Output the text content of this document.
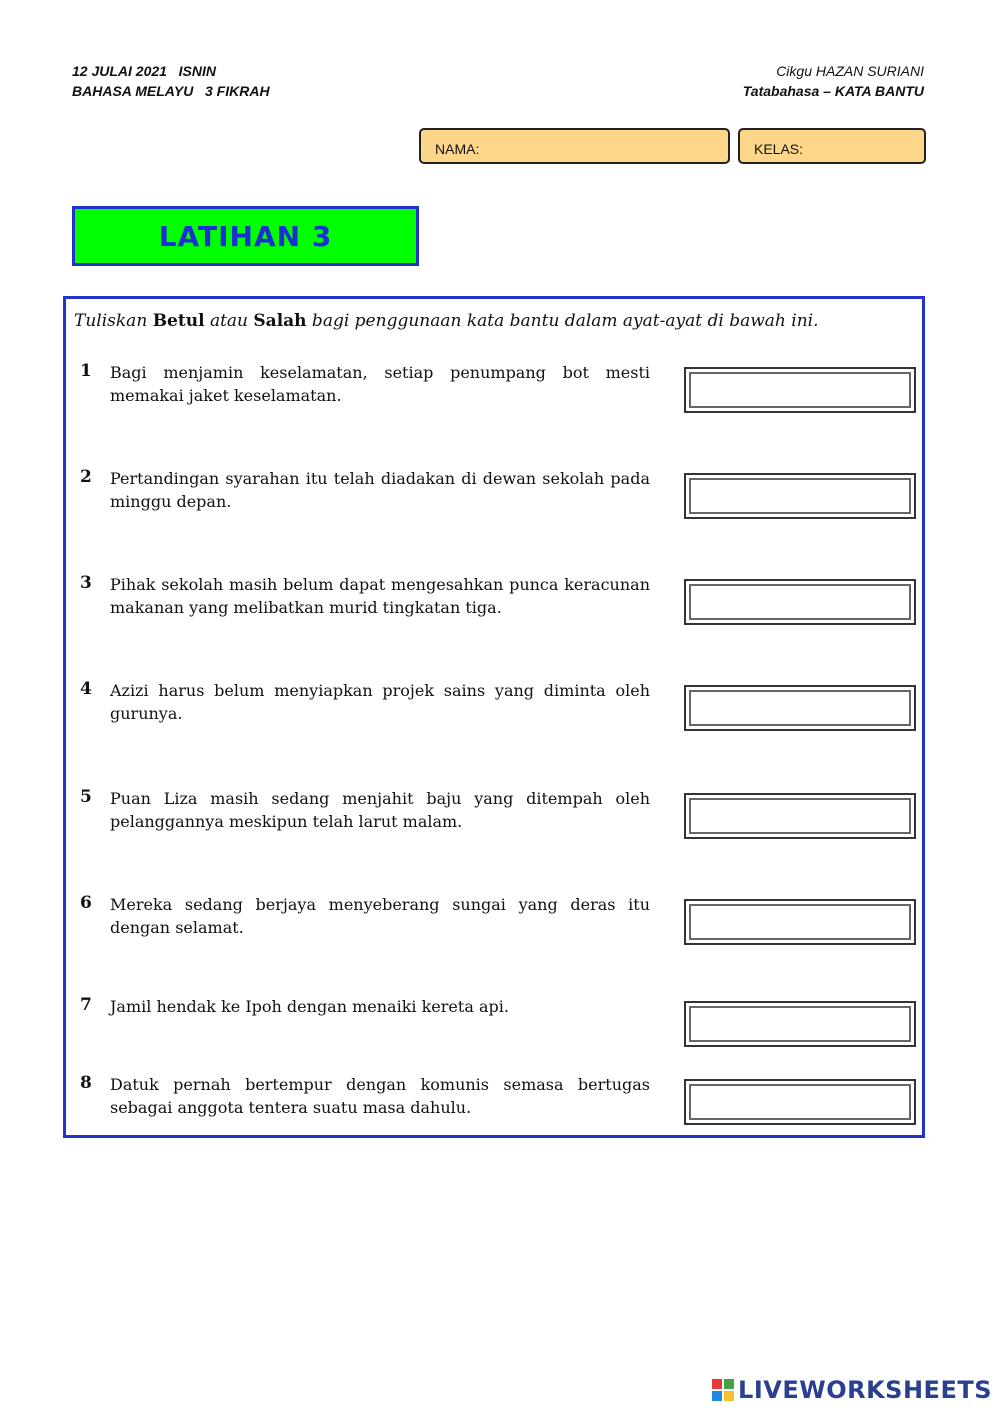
12 JULAI 2021   ISNIN
BAHASA MELAYU   3 FIKRAH
Cikgu HAZAN SURIANI
Tatabahasa – KATA BANTU
NAMA:	KELAS:
LATIHAN 3
Tuliskan Betul atau Salah bagi penggunaan kata bantu dalam ayat-ayat di bawah ini.
1 Bagi menjamin keselamatan, setiap penumpang bot mesti memakai jaket keselamatan.
2 Pertandingan syarahan itu telah diadakan di dewan sekolah pada minggu depan.
3 Pihak sekolah masih belum dapat mengesahkan punca keracunan makanan yang melibatkan murid tingkatan tiga.
4 Azizi harus belum menyiapkan projek sains yang diminta oleh gurunya.
5 Puan Liza masih sedang menjahit baju yang ditempah oleh pelanggannya meskipun telah larut malam.
6 Mereka sedang berjaya menyeberang sungai yang deras itu dengan selamat.
7 Jamil hendak ke Ipoh dengan menaiki kereta api.
8 Datuk pernah bertempur dengan komunis semasa bertugas sebagai anggota tentera suatu masa dahulu.
LIVEWORKSHEETS
